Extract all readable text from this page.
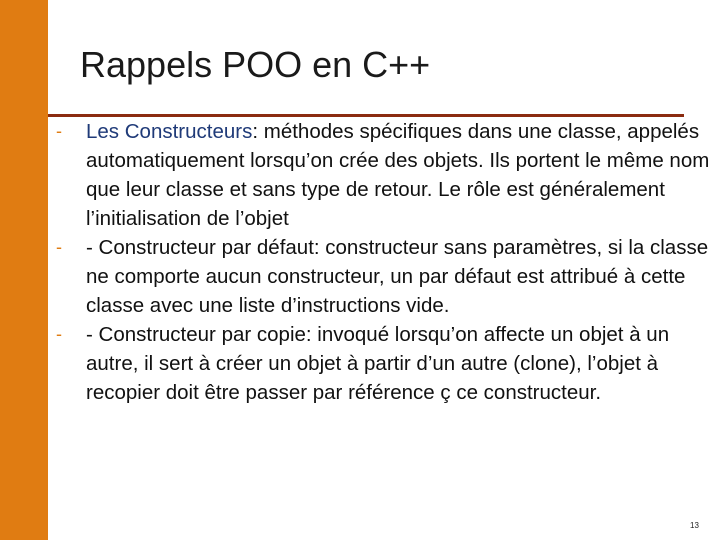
Rappels POO en C++
- Les Constructeurs: méthodes spécifiques dans une classe, appelés automatiquement lorsqu’on crée des objets. Ils portent le même nom que leur classe et sans type de retour. Le rôle est généralement l’initialisation de l’objet
- - Constructeur par défaut: constructeur sans paramètres, si la classe ne comporte aucun constructeur, un par défaut est attribué à cette classe avec une liste d’instructions vide.
- - Constructeur par copie: invoqué lorsqu’on affecte un objet à un autre, il sert à créer un objet à partir d’un autre (clone), l’objet à recopier doit être passer par référence ç ce constructeur.
13
